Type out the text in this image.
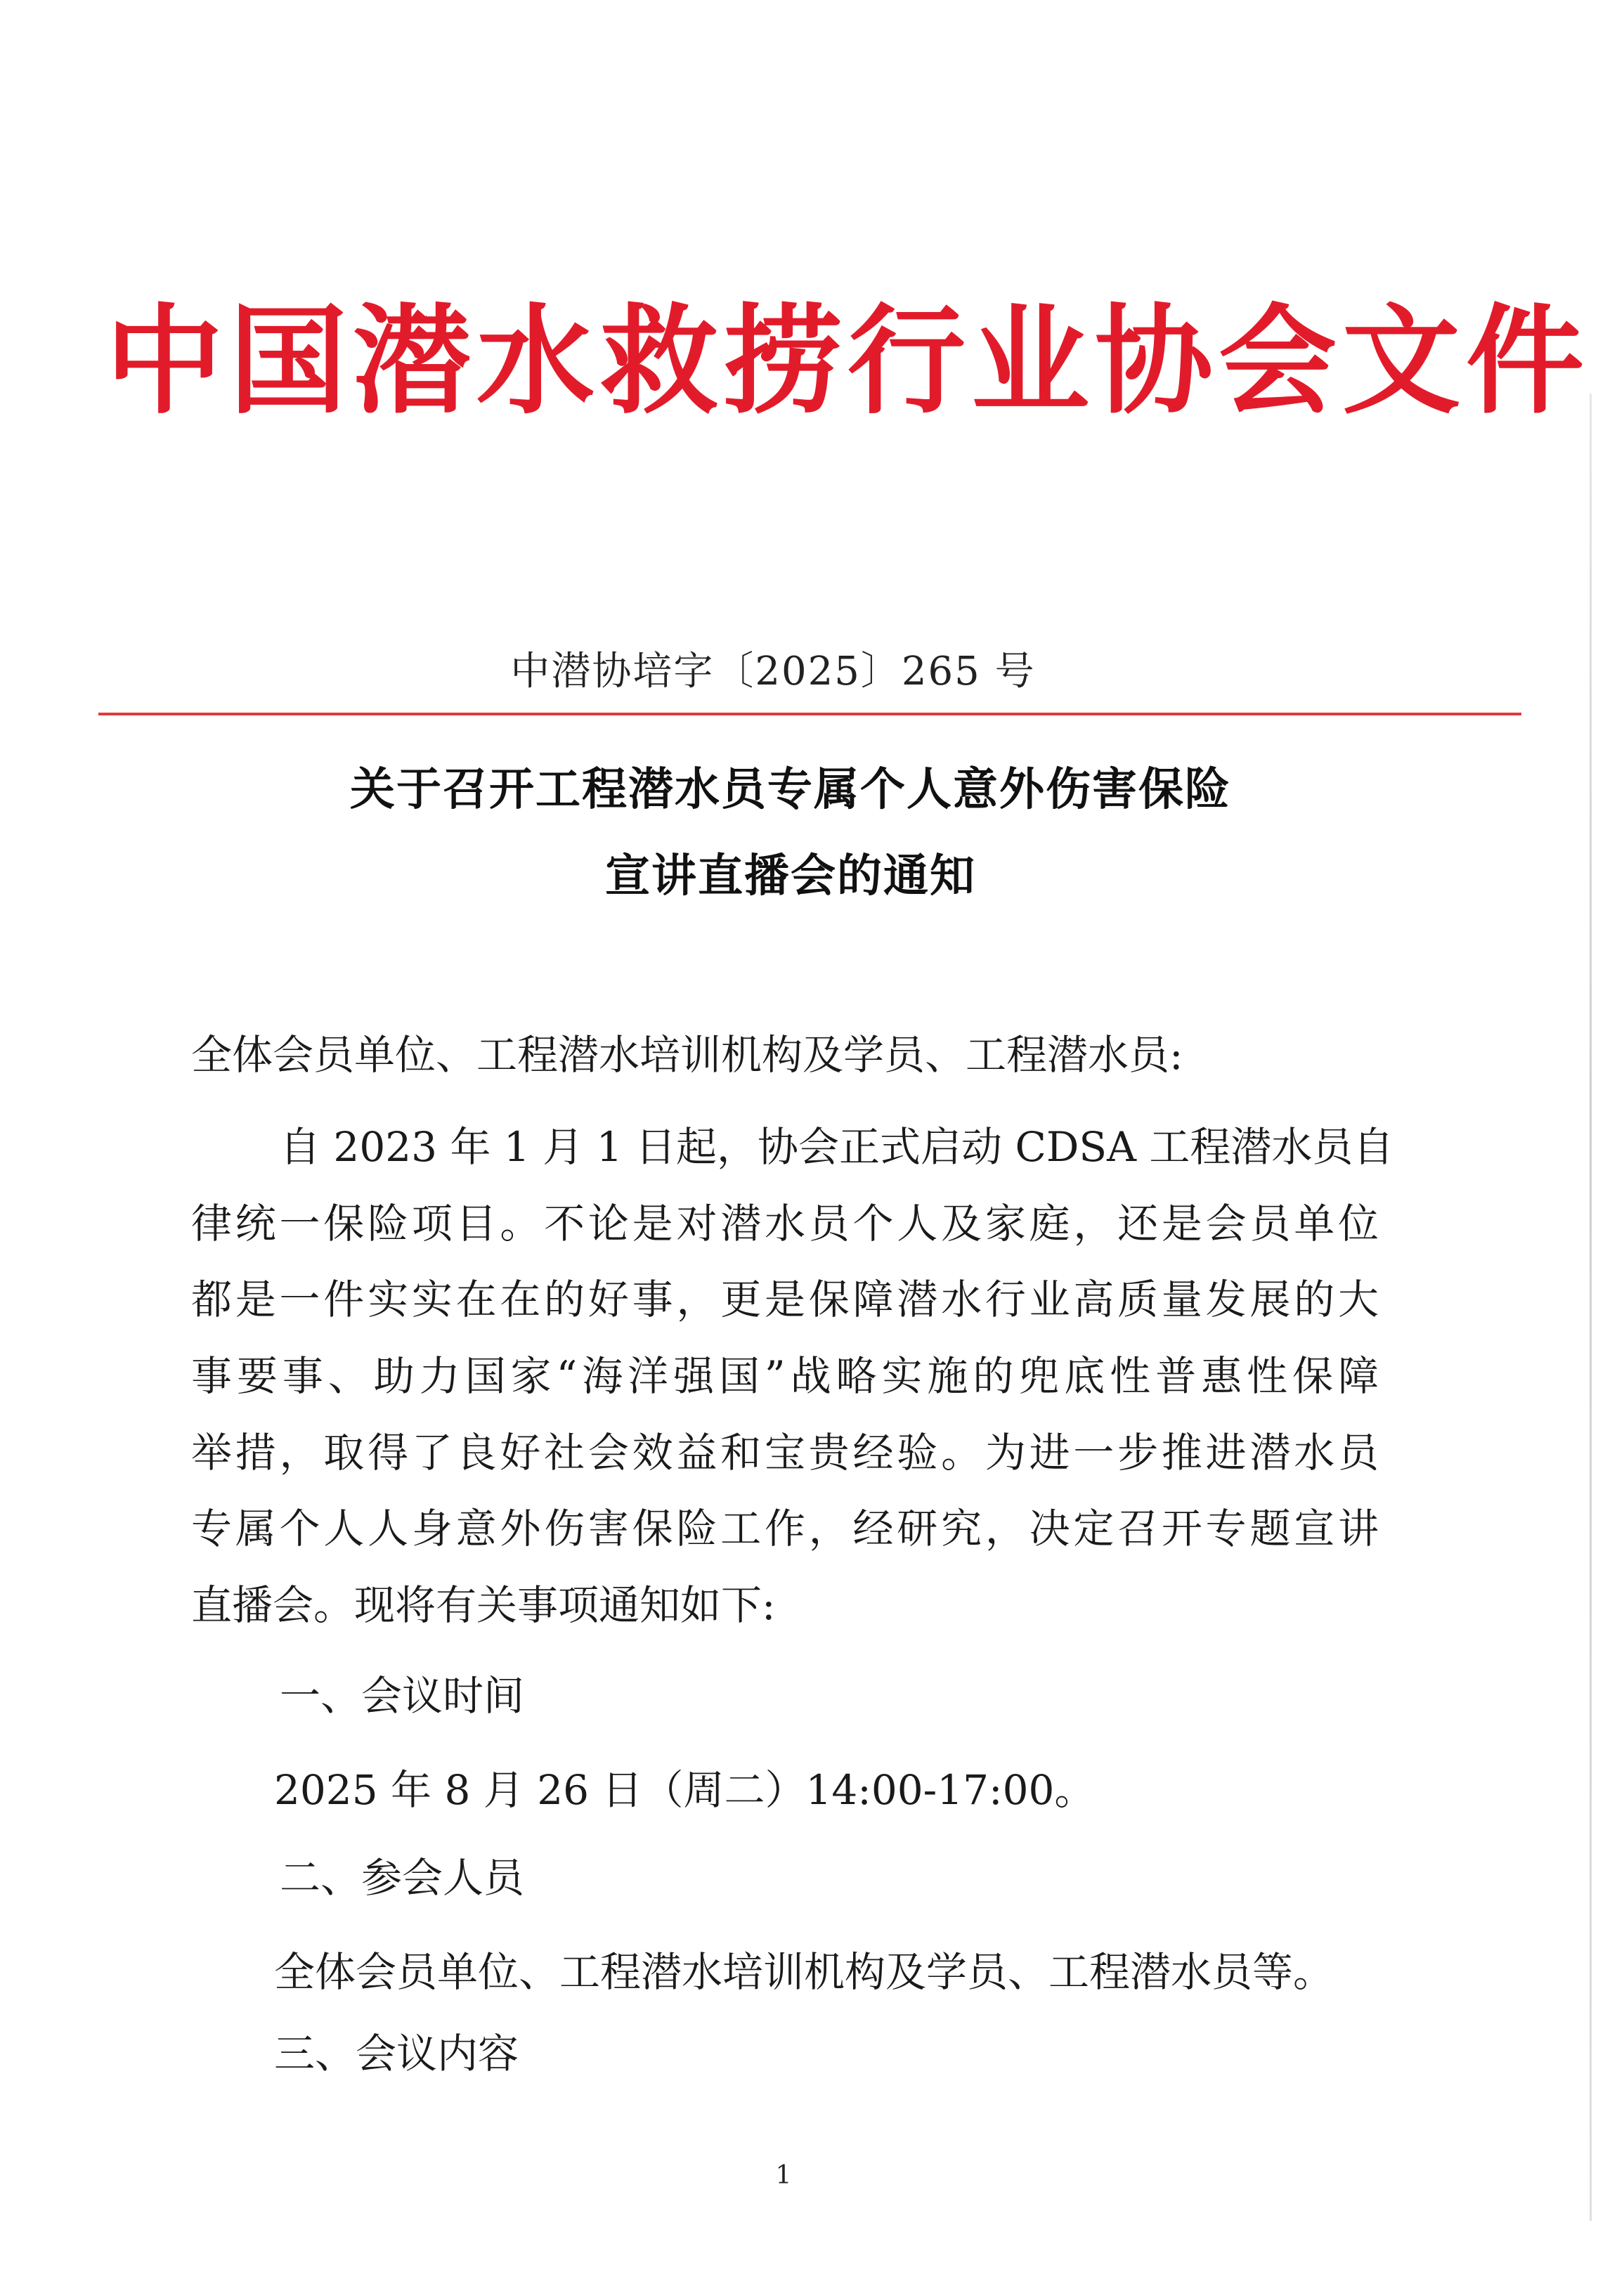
中国潜水救捞行业协会文件
中潜协培字〔2025〕265 号
关于召开工程潜水员专属个人意外伤害保险
宣讲直播会的通知
全体会员单位、工程潜水培训机构及学员、工程潜水员:
自 2023 年 1 月 1 日起，协会正式启动 CDSA 工程潜水员自
律统一保险项目。不论是对潜水员个人及家庭，还是会员单位
都是一件实实在在的好事，更是保障潜水行业高质量发展的大
事要事、助力国家“海洋强国”战略实施的兜底性普惠性保障
举措，取得了良好社会效益和宝贵经验。为进一步推进潜水员
专属个人人身意外伤害保险工作，经研究，决定召开专题宣讲
直播会。现将有关事项通知如下:
一、会议时间
2025 年 8 月 26 日（周二）14:00-17:00。
二、参会人员
全体会员单位、工程潜水培训机构及学员、工程潜水员等。
三、会议内容
1
